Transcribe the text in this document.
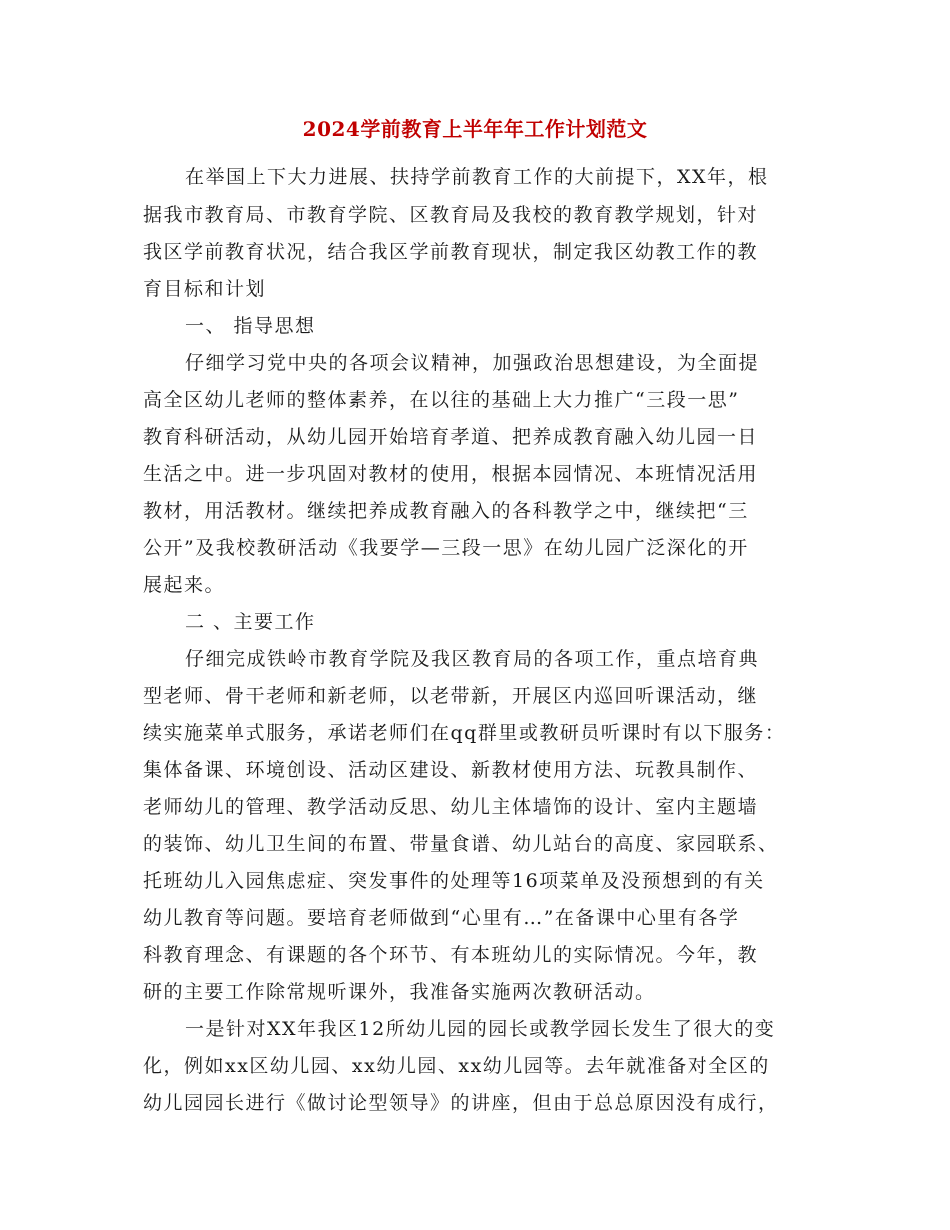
2024学前教育上半年年工作计划范文
在举国上下大力进展、扶持学前教育工作的大前提下，XX年，根
据我市教育局、市教育学院、区教育局及我校的教育教学规划，针对
我区学前教育状况，结合我区学前教育现状，制定我区幼教工作的教
育目标和计划
一、 指导思想
仔细学习党中央的各项会议精神，加强政治思想建设，为全面提
高全区幼儿老师的整体素养，在以往的基础上大力推广“三段一思”
教育科研活动，从幼儿园开始培育孝道、把养成教育融入幼儿园一日
生活之中。进一步巩固对教材的使用，根据本园情况、本班情况活用
教材，用活教材。继续把养成教育融入的各科教学之中，继续把“三
公开”及我校教研活动《我要学—三段一思》在幼儿园广泛深化的开
展起来。
二 、主要工作
仔细完成铁岭市教育学院及我区教育局的各项工作，重点培育典
型老师、骨干老师和新老师，以老带新，开展区内巡回听课活动，继
续实施菜单式服务，承诺老师们在qq群里或教研员听课时有以下服务：
集体备课、环境创设、活动区建设、新教材使用方法、玩教具制作、
老师幼儿的管理、教学活动反思、幼儿主体墙饰的设计、室内主题墙
的装饰、幼儿卫生间的布置、带量食谱、幼儿站台的高度、家园联系、
托班幼儿入园焦虑症、突发事件的处理等16项菜单及没预想到的有关
幼儿教育等问题。要培育老师做到“心里有…”在备课中心里有各学
科教育理念、有课题的各个环节、有本班幼儿的实际情况。今年，教
研的主要工作除常规听课外，我准备实施两次教研活动。
一是针对XX年我区12所幼儿园的园长或教学园长发生了很大的变
化，例如xx区幼儿园、xx幼儿园、xx幼儿园等。去年就准备对全区的
幼儿园园长进行《做讨论型领导》的讲座，但由于总总原因没有成行，
